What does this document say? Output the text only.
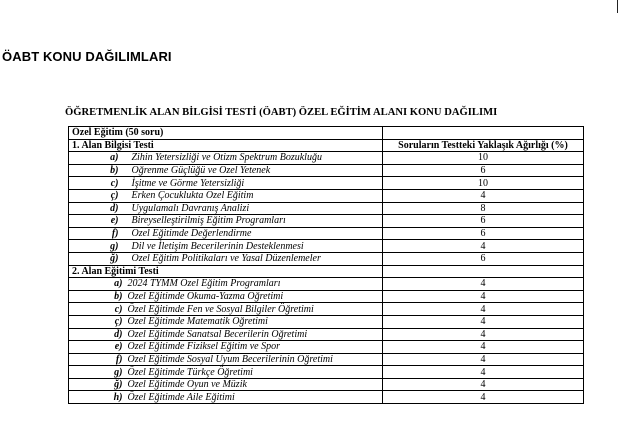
ÖABT KONU DAĞILIMLARI
ÖĞRETMENLİK ALAN BİLGİSİ TESTİ (ÖABT) ÖZEL EĞİTİM ALANI KONU DAĞILIMI
Özel Eğitim (50 soru)		
1. Alan Bilgisi Testi		Soruların Testteki Yaklaşık Ağırlığı (%)
a)	Zihin Yetersizliği ve Otizm Spektrum Bozukluğu	10
b)	Öğrenme Güçlüğü ve Özel Yetenek	6
c)	İşitme ve Görme Yetersizliği	10
ç)	Erken Çocuklukta Özel Eğitim	4
d)	Uygulamalı Davranış Analizi	8
e)	Bireyselleştirilmiş Eğitim Programları	6
f)	Özel Eğitimde Değerlendirme	6
g)	Dil ve İletişim Becerilerinin Desteklenmesi	4
ğ)	Özel Eğitim Politikaları ve Yasal Düzenlemeler	6
2. Alan Eğitimi Testi		
a)	2024 TYMM Özel Eğitim Programları	4
b)	Özel Eğitimde Okuma-Yazma Öğretimi	4
c)	Özel Eğitimde Fen ve Sosyal Bilgiler Öğretimi	4
ç)	Özel Eğitimde Matematik Öğretimi	4
d)	Özel Eğitimde Sanatsal Becerilerin Öğretimi	4
e)	Özel Eğitimde Fiziksel Eğitim ve Spor	4
f)	Özel Eğitimde Sosyal Uyum Becerilerinin Öğretimi	4
g)	Özel Eğitimde Türkçe Öğretimi	4
ğ)	Özel Eğitimde Oyun ve Müzik	4
h)	Özel Eğitimde Aile Eğitimi	4
